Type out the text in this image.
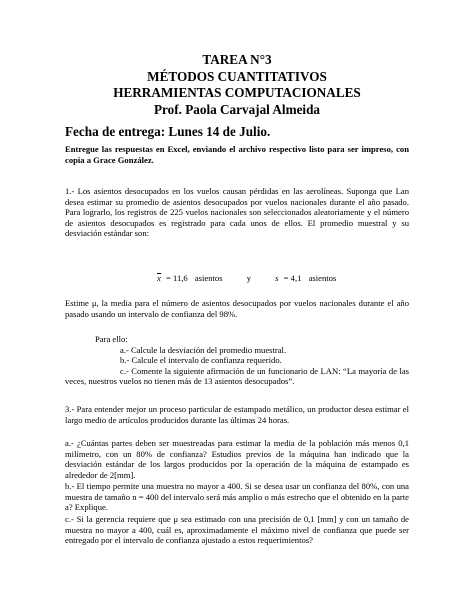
TAREA N°3
MÉTODOS CUANTITATIVOS
HERRAMIENTAS COMPUTACIONALES
Prof. Paola Carvajal Almeida
Fecha de entrega: Lunes 14 de Julio.
Entregue las respuestas en Excel, enviando el archivo respectivo listo para ser impreso, con copia a Grace González.
1.- Los asientos desocupados en los vuelos causan pérdidas en las aerolíneas. Suponga que Lan desea estimar su promedio de asientos desocupados por vuelos nacionales durante el año pasado. Para lograrlo, los registros de 225 vuelos nacionales son seleccionados aleatoriamente y el número de asientos desocupados es registrado para cada unos de ellos. El promedio muestral y su desviación estándar son:
x = 11,6 asientos	y	s = 4,1 asientos
Estime μ, la media para el número de asientos desocupados por vuelos nacionales durante el año pasado usando un intervalo de confianza del 98%.
Para ello:
a.- Calcule la desviación del promedio muestral.
b.- Calcule el intervalo de confianza requerido.
c.- Comente la siguiente afirmación de un funcionario de LAN: “La mayoría de las veces, nuestros vuelos no tienen más de 13 asientos desocupados”.
3.- Para entender mejor un proceso particular de estampado metálico, un productor desea estimar el largo medio de artículos producidos durante las últimas 24 horas.
a.- ¿Cuántas partes deben ser muestreadas para estimar la media de la población más menos 0,1 milímetro, con un 80% de confianza? Estudios previos de la máquina han indicado que la desviación estándar de los largos producidos por la operación de la máquina de estampado es alrededor de 2[mm].
b.- El tiempo permite una muestra no mayor a 400. Si se desea usar un confianza del 80%, con una muestra de tamaño n = 400 del intervalo será más amplio o más estrecho que el obtenido en la parte a? Explique.
c.- Si la gerencia requiere que μ sea estimado con una precisión de 0,1 [mm] y con un tamaño de muestra no mayor a 400, cuál es, aproximadamente el máximo nivel de confianza que puede ser entregado por el intervalo de confianza ajustado a estos requerimientos?
